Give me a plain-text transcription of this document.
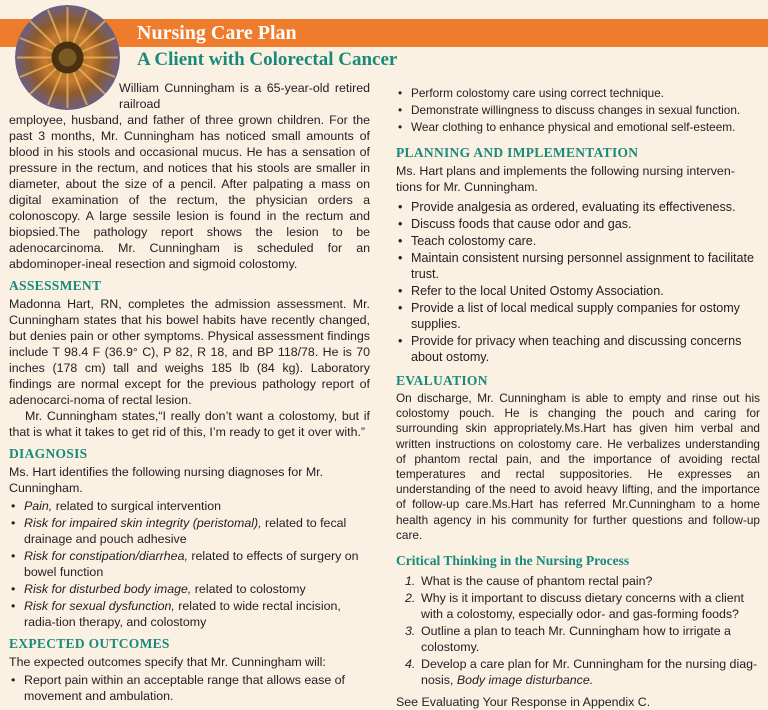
Nursing Care Plan
A Client with Colorectal Cancer

William Cunningham is a 65-year-old retired railroad

employee, husband, and father of three grown children. For the past 3 months, Mr. Cunningham has noticed small amounts of blood in his stools and occasional mucus. He has a sensation of pressure in the rectum, and notices that his stools are smaller in diameter, about the size of a pencil. After palpating a mass on digital examination of the rectum, the physician orders a colonoscopy. A large sessile lesion is found in the rectum and biopsied.The pathology report shows the lesion to be adenocarcinoma. Mr. Cunningham is scheduled for an abdominoper-ineal resection and sigmoid colostomy.

ASSESSMENT

Madonna Hart, RN, completes the admission assessment. Mr. Cunningham states that his bowel habits have recently changed, but denies pain or other symptoms. Physical assessment findings include T 98.4 F (36.9° C), P 82, R 18, and BP 118/78. He is 70 inches (178 cm) tall and weighs 185 lb (84 kg). Laboratory findings are normal except for the previous pathology report of adenocarci-noma of rectal lesion.

Mr. Cunningham states,“I really don’t want a colostomy, but if that is what it takes to get rid of this, I’m ready to get it over with.”

DIAGNOSIS

Ms. Hart identifies the following nursing diagnoses for Mr. Cunningham.

• Pain, related to surgical intervention
• Risk for impaired skin integrity (peristomal), related to fecal drainage and pouch adhesive
• Risk for constipation/diarrhea, related to effects of surgery on bowel function
• Risk for disturbed body image, related to colostomy
• Risk for sexual dysfunction, related to wide rectal incision, radia-tion therapy, and colostomy
EXPECTED OUTCOMES

The expected outcomes specify that Mr. Cunningham will:

• Report pain within an acceptable range that allows ease of movement and ambulation.
• Perform colostomy care using correct technique.
• Demonstrate willingness to discuss changes in sexual function.
• Wear clothing to enhance physical and emotional self-esteem.
PLANNING AND IMPLEMENTATION

Ms. Hart plans and implements the following nursing interven-tions for Mr. Cunningham.

• Provide analgesia as ordered, evaluating its effectiveness.
• Discuss foods that cause odor and gas.
• Teach colostomy care.
• Maintain consistent nursing personnel assignment to facilitate trust.
• Refer to the local United Ostomy Association.
• Provide a list of local medical supply companies for ostomy supplies.
• Provide for privacy when teaching and discussing concerns about ostomy.
EVALUATION

On discharge, Mr. Cunningham is able to empty and rinse out his colostomy pouch. He is changing the pouch and caring for surrounding skin appropriately.Ms.Hart has given him verbal and written instructions on colostomy care. He verbalizes understanding of phantom rectal pain, and the importance of avoiding rectal temperatures and rectal suppositories. He expresses an understanding of the need to avoid heavy lifting, and the importance of follow-up care.Ms.Hart has referred Mr.Cunningham to a home health agency in his community for further questions and follow-up care.

Critical Thinking in the Nursing Process
1. What is the cause of phantom rectal pain?
2. Why is it important to discuss dietary concerns with a client with a colostomy, especially odor- and gas-forming foods?
3. Outline a plan to teach Mr. Cunningham how to irrigate a colostomy.
4. Develop a care plan for Mr. Cunningham for the nursing diag-nosis, Body image disturbance.

See Evaluating Your Response in Appendix C.
